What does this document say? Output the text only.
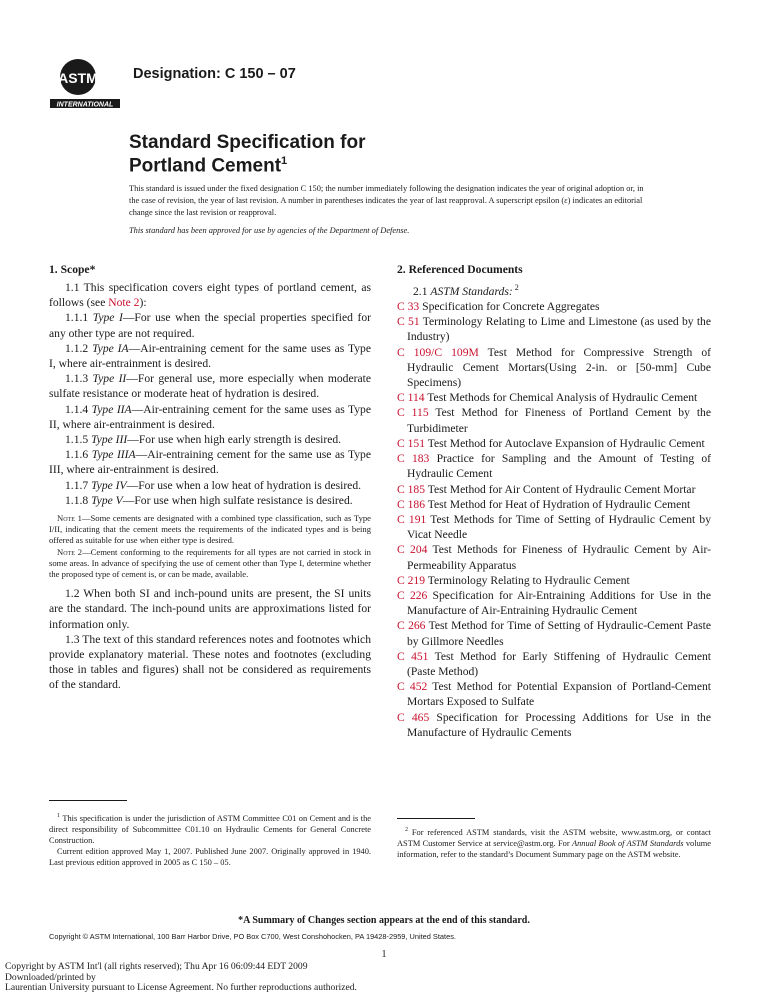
ASTM
INTERNATIONAL
Designation: C 150 – 07
Standard Specification for
Portland Cement$^1$
This standard is issued under the fixed designation C 150; the number immediately following the designation indicates the year of original adoption or, in the case of revision, the year of last revision. A number in parentheses indicates the year of last reapproval. A superscript epsilon (ε) indicates an editorial change since the last revision or reapproval.
This standard has been approved for use by agencies of the Department of Defense.
1. Scope*

1.1 This specification covers eight types of portland cement, as follows (see Note 2):

1.1.1 Type I—For use when the special properties specified for any other type are not required.

1.1.2 Type IA—Air-entraining cement for the same uses as Type I, where air-entrainment is desired.

1.1.3 Type II—For general use, more especially when moderate sulfate resistance or moderate heat of hydration is desired.

1.1.4 Type IIA—Air-entraining cement for the same uses as Type II, where air-entrainment is desired.

1.1.5 Type III—For use when high early strength is desired.

1.1.6 Type IIIA—Air-entraining cement for the same use as Type III, where air-entrainment is desired.

1.1.7 Type IV—For use when a low heat of hydration is desired.

1.1.8 Type V—For use when high sulfate resistance is desired.

Note 1—Some cements are designated with a combined type classification, such as Type I/II, indicating that the cement meets the requirements of the indicated types and is being offered as suitable for use when either type is desired.

Note 2—Cement conforming to the requirements for all types are not carried in stock in some areas. In advance of specifying the use of cement other than Type I, determine whether the proposed type of cement is, or can be made, available.

1.2 When both SI and inch-pound units are present, the SI units are the standard. The inch-pound units are approximations listed for information only.

1.3 The text of this standard references notes and footnotes which provide explanatory material. These notes and footnotes (excluding those in tables and figures) shall not be considered as requirements of the standard.

2. Referenced Documents

2.1 ASTM Standards: $^2$

C 33 Specification for Concrete Aggregates

C 51 Terminology Relating to Lime and Limestone (as used by the Industry)

C 109/C 109M Test Method for Compressive Strength of Hydraulic Cement Mortars(Using 2-in. or [50-mm] Cube Specimens)

C 114 Test Methods for Chemical Analysis of Hydraulic Cement

C 115 Test Method for Fineness of Portland Cement by the Turbidimeter

C 151 Test Method for Autoclave Expansion of Hydraulic Cement

C 183 Practice for Sampling and the Amount of Testing of Hydraulic Cement

C 185 Test Method for Air Content of Hydraulic Cement Mortar

C 186 Test Method for Heat of Hydration of Hydraulic Cement

C 191 Test Methods for Time of Setting of Hydraulic Cement by Vicat Needle

C 204 Test Methods for Fineness of Hydraulic Cement by Air-Permeability Apparatus

C 219 Terminology Relating to Hydraulic Cement

C 226 Specification for Air-Entraining Additions for Use in the Manufacture of Air-Entraining Hydraulic Cement

C 266 Test Method for Time of Setting of Hydraulic-Cement Paste by Gillmore Needles

C 451 Test Method for Early Stiffening of Hydraulic Cement (Paste Method)

C 452 Test Method for Potential Expansion of Portland-Cement Mortars Exposed to Sulfate

C 465 Specification for Processing Additions for Use in the Manufacture of Hydraulic Cements

$^1$ This specification is under the jurisdiction of ASTM Committee C01 on Cement and is the direct responsibility of Subcommittee C01.10 on Hydraulic Cements for General Concrete Construction.

Current edition approved May 1, 2007. Published June 2007. Originally approved in 1940. Last previous edition approved in 2005 as C 150 – 05.

$^2$ For referenced ASTM standards, visit the ASTM website, www.astm.org, or contact ASTM Customer Service at service@astm.org. For Annual Book of ASTM Standards volume information, refer to the standard’s Document Summary page on the ASTM website.

*A Summary of Changes section appears at the end of this standard.
Copyright © ASTM International, 100 Barr Harbor Drive, PO Box C700, West Conshohocken, PA 19428-2959, United States.
1
Copyright by ASTM Int'l (all rights reserved); Thu Apr 16 06:09:44 EDT 2009
Downloaded/printed by
Laurentian University pursuant to License Agreement. No further reproductions authorized.
